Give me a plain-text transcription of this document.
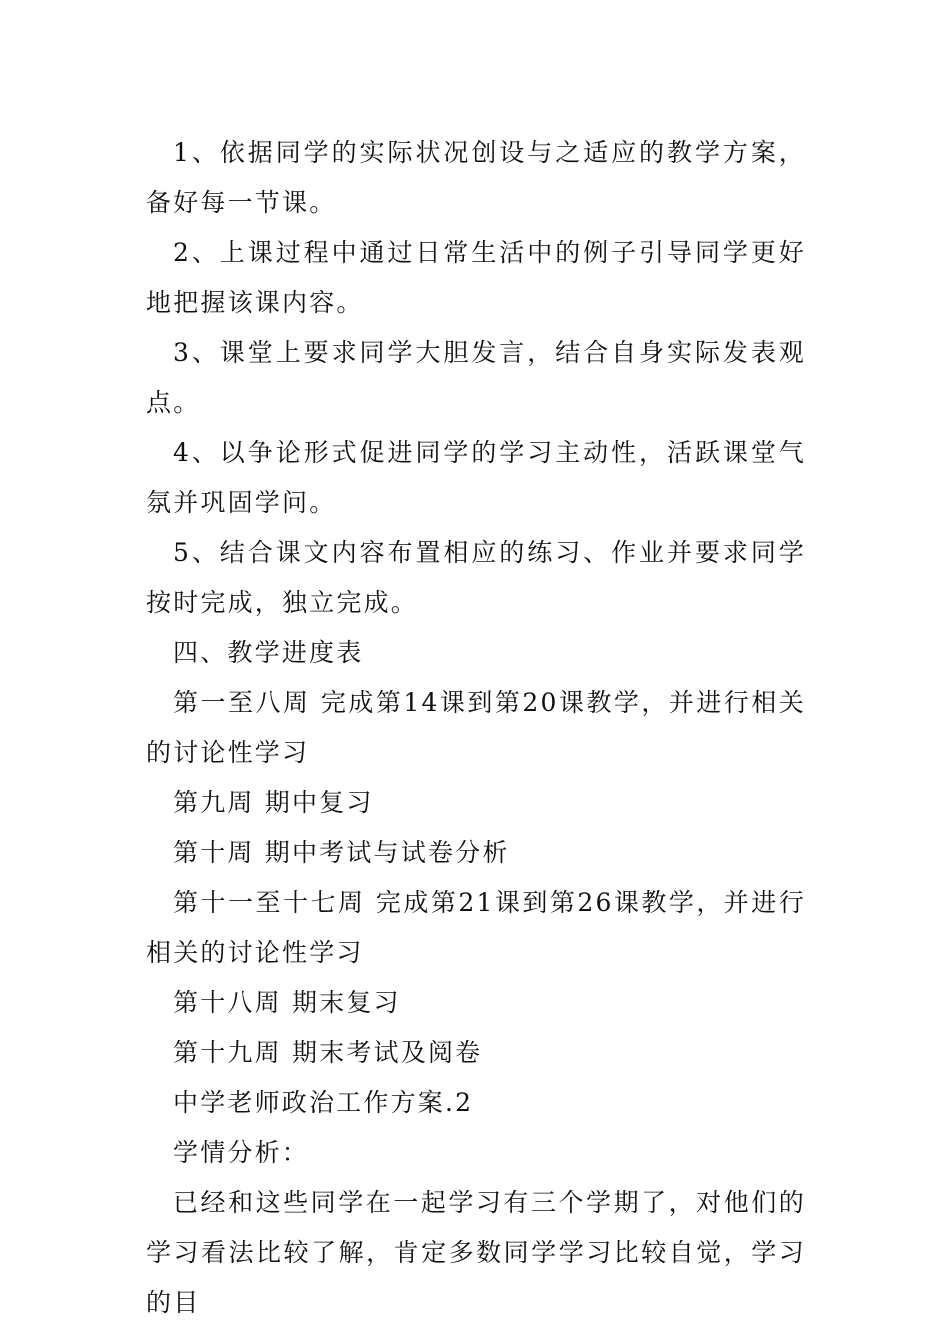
1、依据同学的实际状况创设与之适应的教学方案，备好每一节课。

2、上课过程中通过日常生活中的例子引导同学更好地把握该课内容。

3、课堂上要求同学大胆发言，结合自身实际发表观点。

4、以争论形式促进同学的学习主动性，活跃课堂气氛并巩固学问。

5、结合课文内容布置相应的练习、作业并要求同学按时完成，独立完成。

四、教学进度表

第一至八周 完成第14课到第20课教学，并进行相关的讨论性学习

第九周 期中复习

第十周 期中考试与试卷分析

第十一至十七周 完成第21课到第26课教学，并进行相关的讨论性学习

第十八周 期末复习

第十九周 期末考试及阅卷

中学老师政治工作方案.2

学情分析：

已经和这些同学在一起学习有三个学期了，对他们的学习看法比较了解，肯定多数同学学习比较自觉，学习的目
